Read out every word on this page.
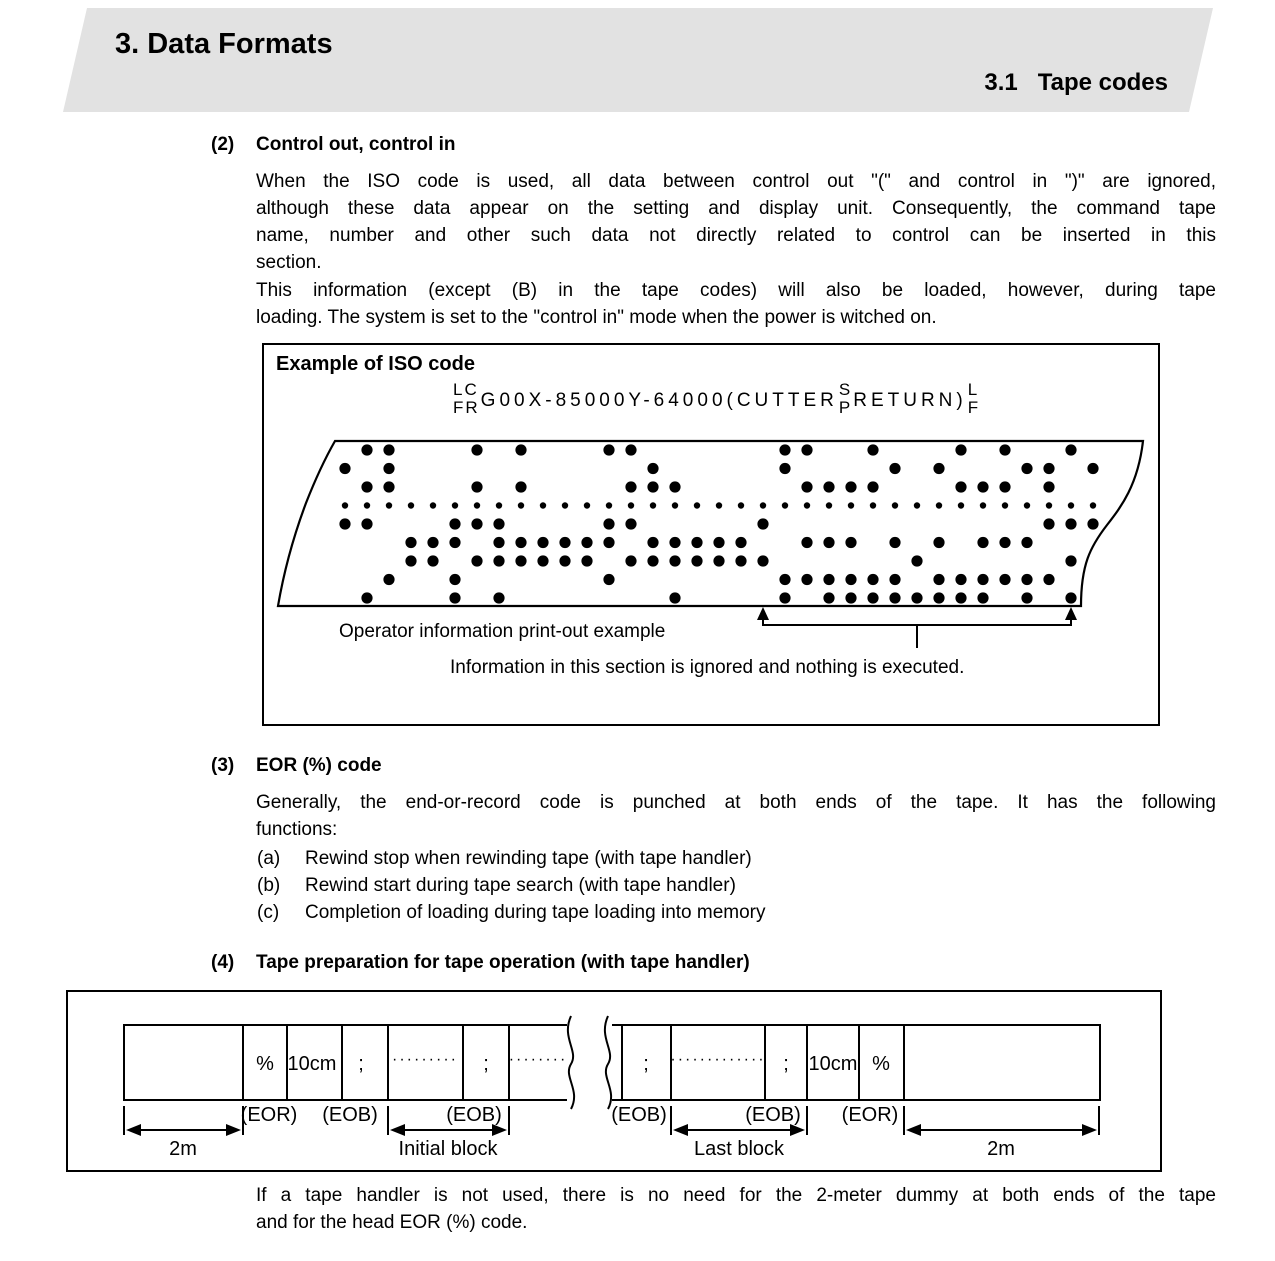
3. Data Formats
3.1   Tape codes
(2)	Control out, control in
When the ISO code is used, all data between control out "(" and control in ")" are ignored,
although these data appear on the setting and display unit. Consequently, the command tape
name, number and other such data not directly related to control can be inserted in this
section.
This information (except (B) in the tape codes) will also be loaded, however, during tape
loading. The system is set to the "control in" mode when the power is witched on.
Example of ISO code
LC
FR G00X-85000Y-64000(CUTTER
S
P RETURN)
L
F
Operator information print-out example
Information in this section is ignored and nothing is executed.
(3)	EOR (%) code
Generally, the end-or-record code is punched at both ends of the tape. It has the following
functions:
(a)	Rewind stop when rewinding tape (with tape handler)
(b)	Rewind start during tape search (with tape handler)
(c)	Completion of loading during tape loading into memory
(4)	Tape preparation for tape operation (with tape handler)
% 10cm ; ········· ; ········	; ············· ; 10cm %
(EOR) (EOB)	(EOB)	(EOB)	(EOB) (EOR)
2m	Initial block	Last block	2m
If a tape handler is not used, there is no need for the 2-meter dummy at both ends of the tape
and for the head EOR (%) code.
